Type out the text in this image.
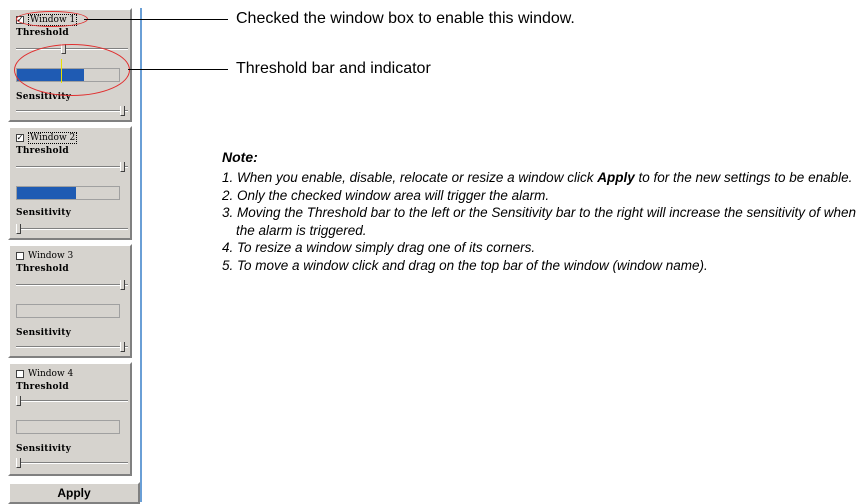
✓ Window 1
Threshold
Sensitivity
✓ Window 2
Threshold
Sensitivity
Window 3
Threshold
Sensitivity
Window 4
Threshold
Sensitivity
Apply
Checked the window box to enable this window.
Threshold bar and indicator
Note:
1. When you enable, disable, relocate or resize a window click Apply to for the new settings to be enable.
2. Only the checked window area will trigger the alarm.
3. Moving the Threshold bar to the left or the Sensitivity bar to the right will increase the sensitivity of when the alarm is triggered.
4. To resize a window simply drag one of its corners.
5. To move a window click and drag on the top bar of the window (window name).
